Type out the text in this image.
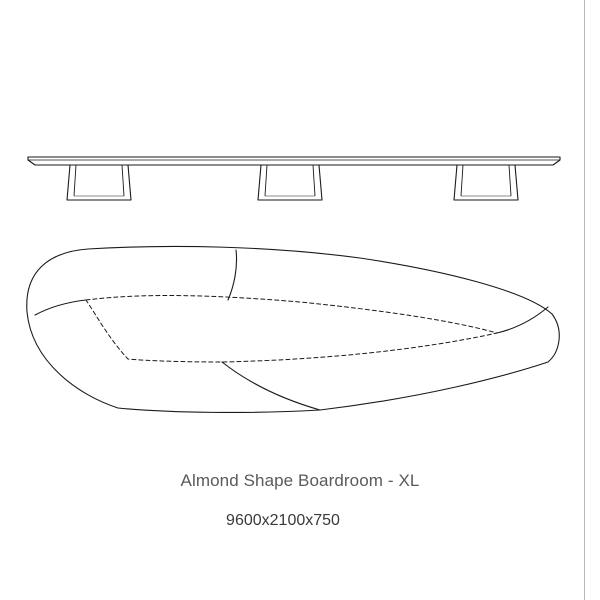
Almond Shape Boardroom - XL
9600x2100x750
